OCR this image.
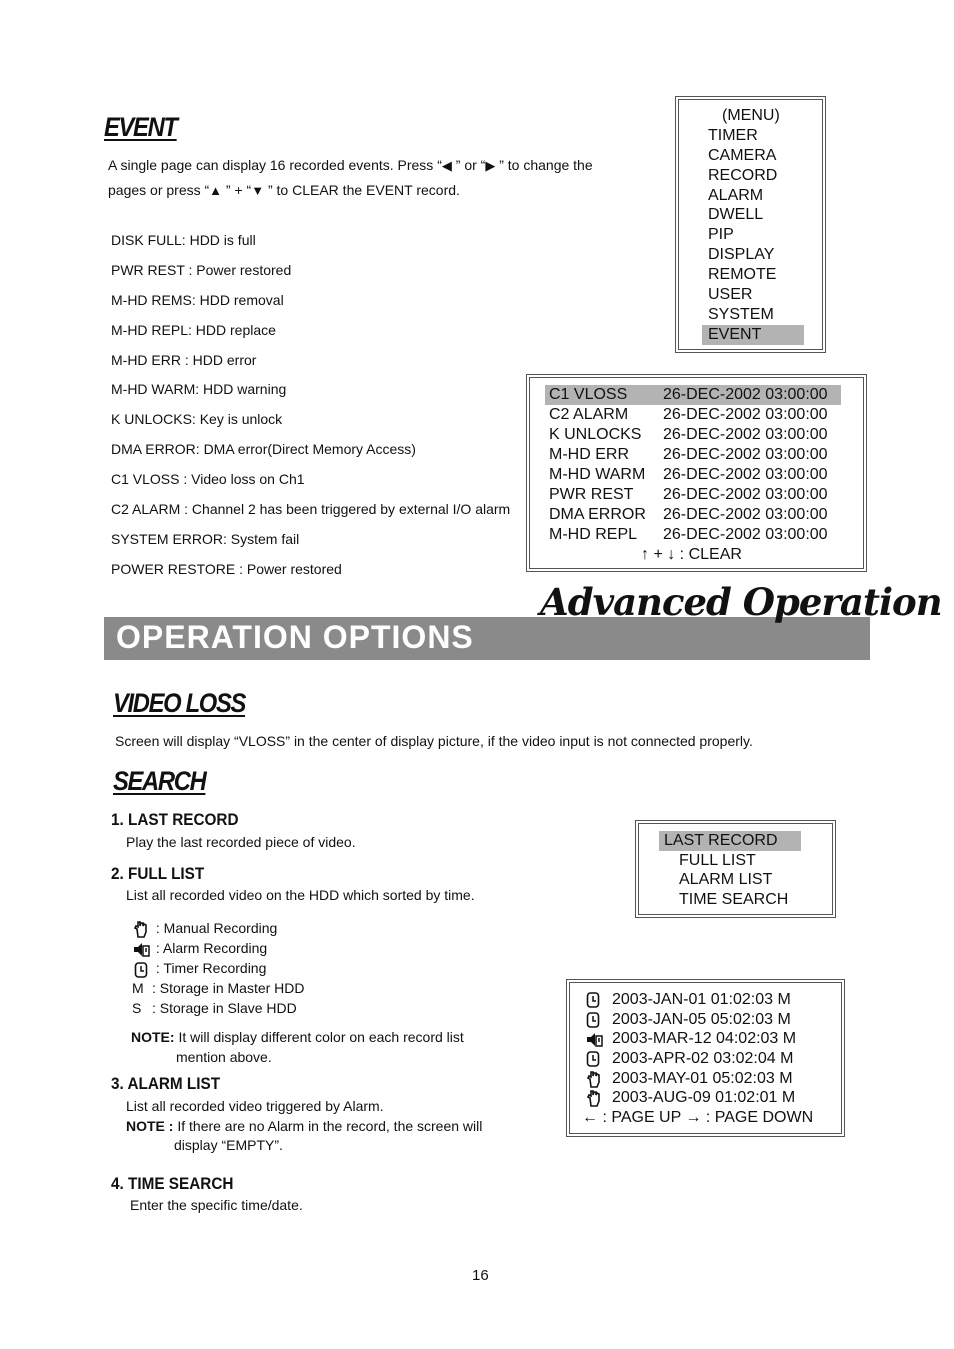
EVENT
A single page can display 16 recorded events. Press “◀ ” or “▶ ” to change the
pages or press “▲ ” + “▼ ” to CLEAR the EVENT record.
DISK FULL: HDD is full
PWR REST : Power restored
M-HD REMS: HDD removal
M-HD REPL: HDD replace
M-HD ERR : HDD error
M-HD WARM: HDD warning
K UNLOCKS: Key is unlock
DMA ERROR: DMA error(Direct Memory Access)
C1 VLOSS : Video loss on Ch1
C2 ALARM : Channel 2 has been triggered by external I/O alarm
SYSTEM ERROR: System fail
POWER RESTORE : Power restored
(MENU)
TIMER
CAMERA
RECORD
ALARM
DWELL
PIP
DISPLAY
REMOTE
USER
SYSTEM
EVENT
C1 VLOSS 26-DEC-2002 03:00:00
C2 ALARM 26-DEC-2002 03:00:00
K UNLOCKS 26-DEC-2002 03:00:00
M-HD ERR 26-DEC-2002 03:00:00
M-HD WARM 26-DEC-2002 03:00:00
PWR REST 26-DEC-2002 03:00:00
DMA ERROR 26-DEC-2002 03:00:00
M-HD REPL 26-DEC-2002 03:00:00
↑ + ↓ : CLEAR
OPERATION OPTIONS
Advanced Operation
VIDEO LOSS
Screen will display “VLOSS” in the center of display picture, if the video input is not connected properly.
SEARCH
1. LAST RECORD
Play the last recorded piece of video.
2. FULL LIST
List all recorded video on the HDD which sorted by time.
: Manual Recording
: Alarm Recording
: Timer Recording
M : Storage in Master HDD
S : Storage in Slave HDD
NOTE: It will display different color on each record list
mention above.
3. ALARM LIST
List all recorded video triggered by Alarm.
NOTE : If there are no Alarm in the record, the screen will
display “EMPTY”.
4. TIME SEARCH
Enter the specific time/date.
LAST RECORD
FULL LIST
ALARM LIST
TIME SEARCH
2003-JAN-01 01:02:03 M
2003-JAN-05 05:02:03 M
2003-MAR-12 04:02:03 M
2003-APR-02 03:02:04 M
2003-MAY-01 05:02:03 M
2003-AUG-09 01:02:01 M
← : PAGE UP → : PAGE DOWN
16
